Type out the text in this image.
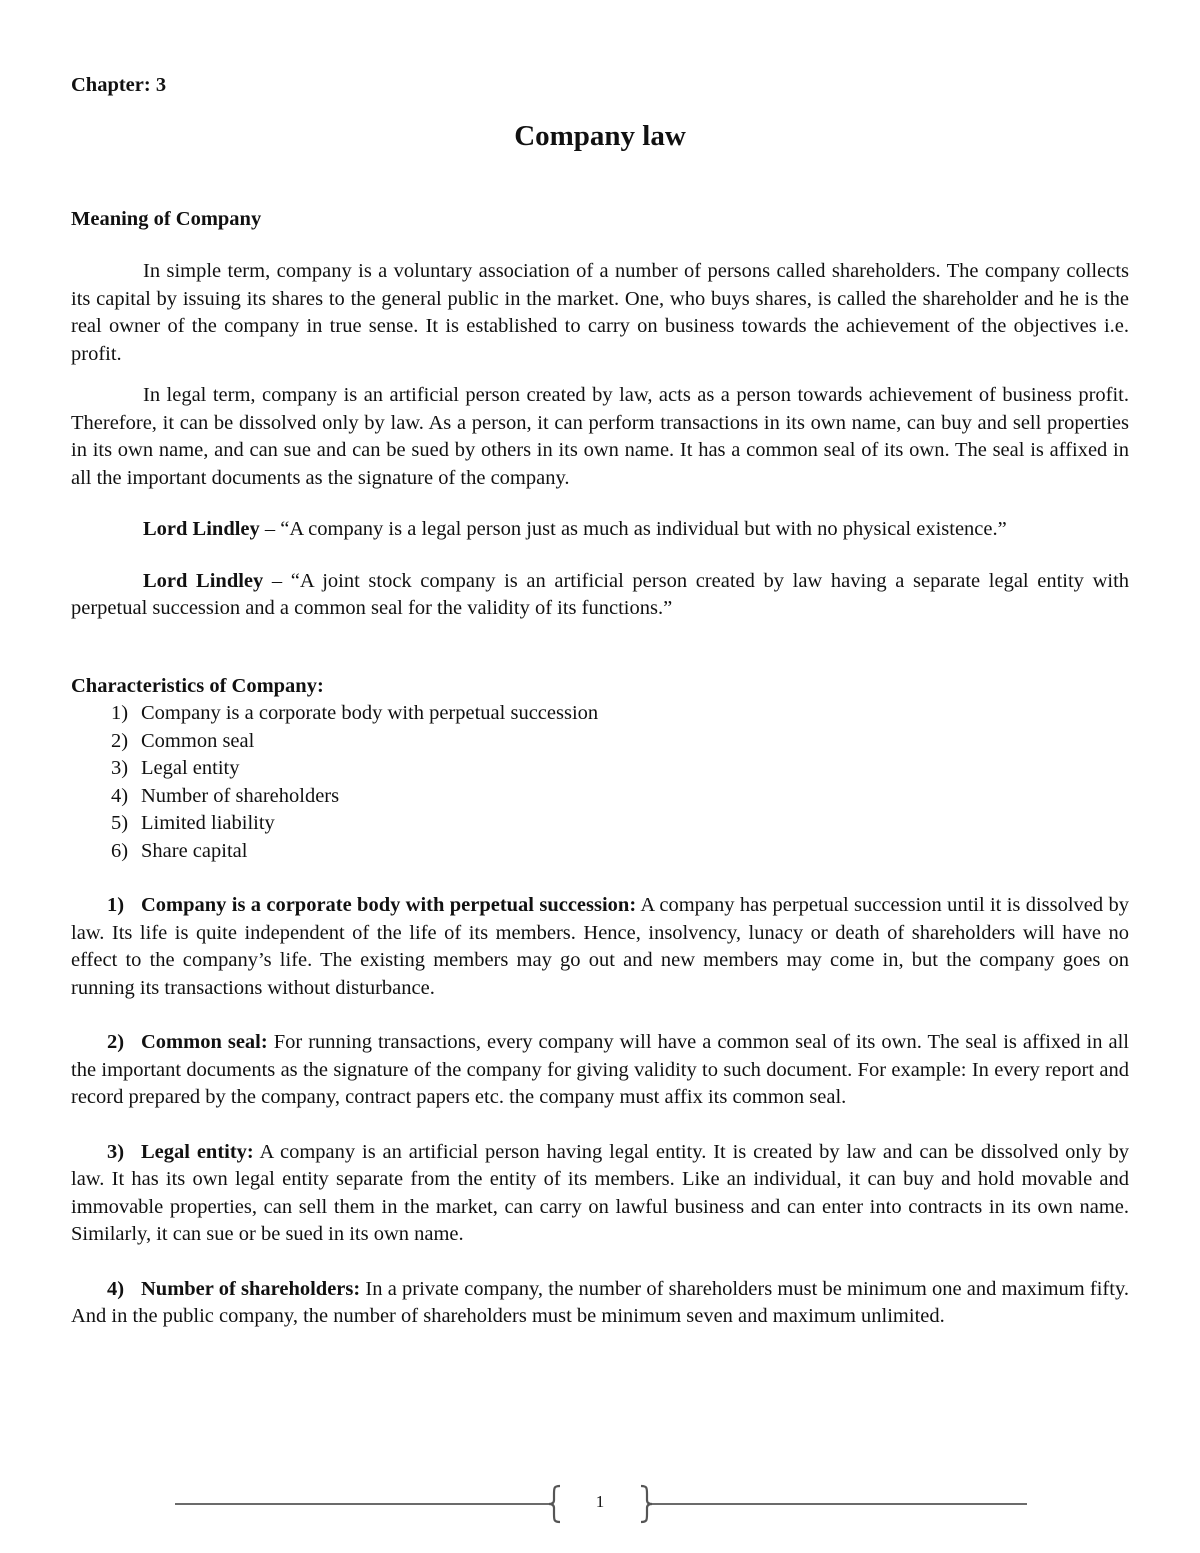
Chapter: 3

Company law

Meaning of Company

In simple term, company is a voluntary association of a number of persons called shareholders. The company collects its capital by issuing its shares to the general public in the market. One, who buys shares, is called the shareholder and he is the real owner of the company in true sense. It is established to carry on business towards the achievement of the objectives i.e. profit.

In legal term, company is an artificial person created by law, acts as a person towards achievement of business profit. Therefore, it can be dissolved only by law. As a person, it can perform transactions in its own name, can buy and sell properties in its own name, and can sue and can be sued by others in its own name. It has a common seal of its own. The seal is affixed in all the important documents as the signature of the company.

Lord Lindley – “A company is a legal person just as much as individual but with no physical existence.”

Lord Lindley – “A joint stock company is an artificial person created by law having a separate legal entity with perpetual succession and a common seal for the validity of its functions.”

Characteristics of Company:

1) Company is a corporate body with perpetual succession
2) Common seal
3) Legal entity
4) Number of shareholders
5) Limited liability
6) Share capital

1) Company is a corporate body with perpetual succession: A company has perpetual succession until it is dissolved by law. Its life is quite independent of the life of its members. Hence, insolvency, lunacy or death of shareholders will have no effect to the company’s life. The existing members may go out and new members may come in, but the company goes on running its transactions without disturbance.

2) Common seal: For running transactions, every company will have a common seal of its own. The seal is affixed in all the important documents as the signature of the company for giving validity to such document. For example: In every report and record prepared by the company, contract papers etc. the company must affix its common seal.

3) Legal entity: A company is an artificial person having legal entity. It is created by law and can be dissolved only by law. It has its own legal entity separate from the entity of its members. Like an individual, it can buy and hold movable and immovable properties, can sell them in the market, can carry on lawful business and can enter into contracts in its own name. Similarly, it can sue or be sued in its own name.

4) Number of shareholders: In a private company, the number of shareholders must be minimum one and maximum fifty. And in the public company, the number of shareholders must be minimum seven and maximum unlimited.

1
